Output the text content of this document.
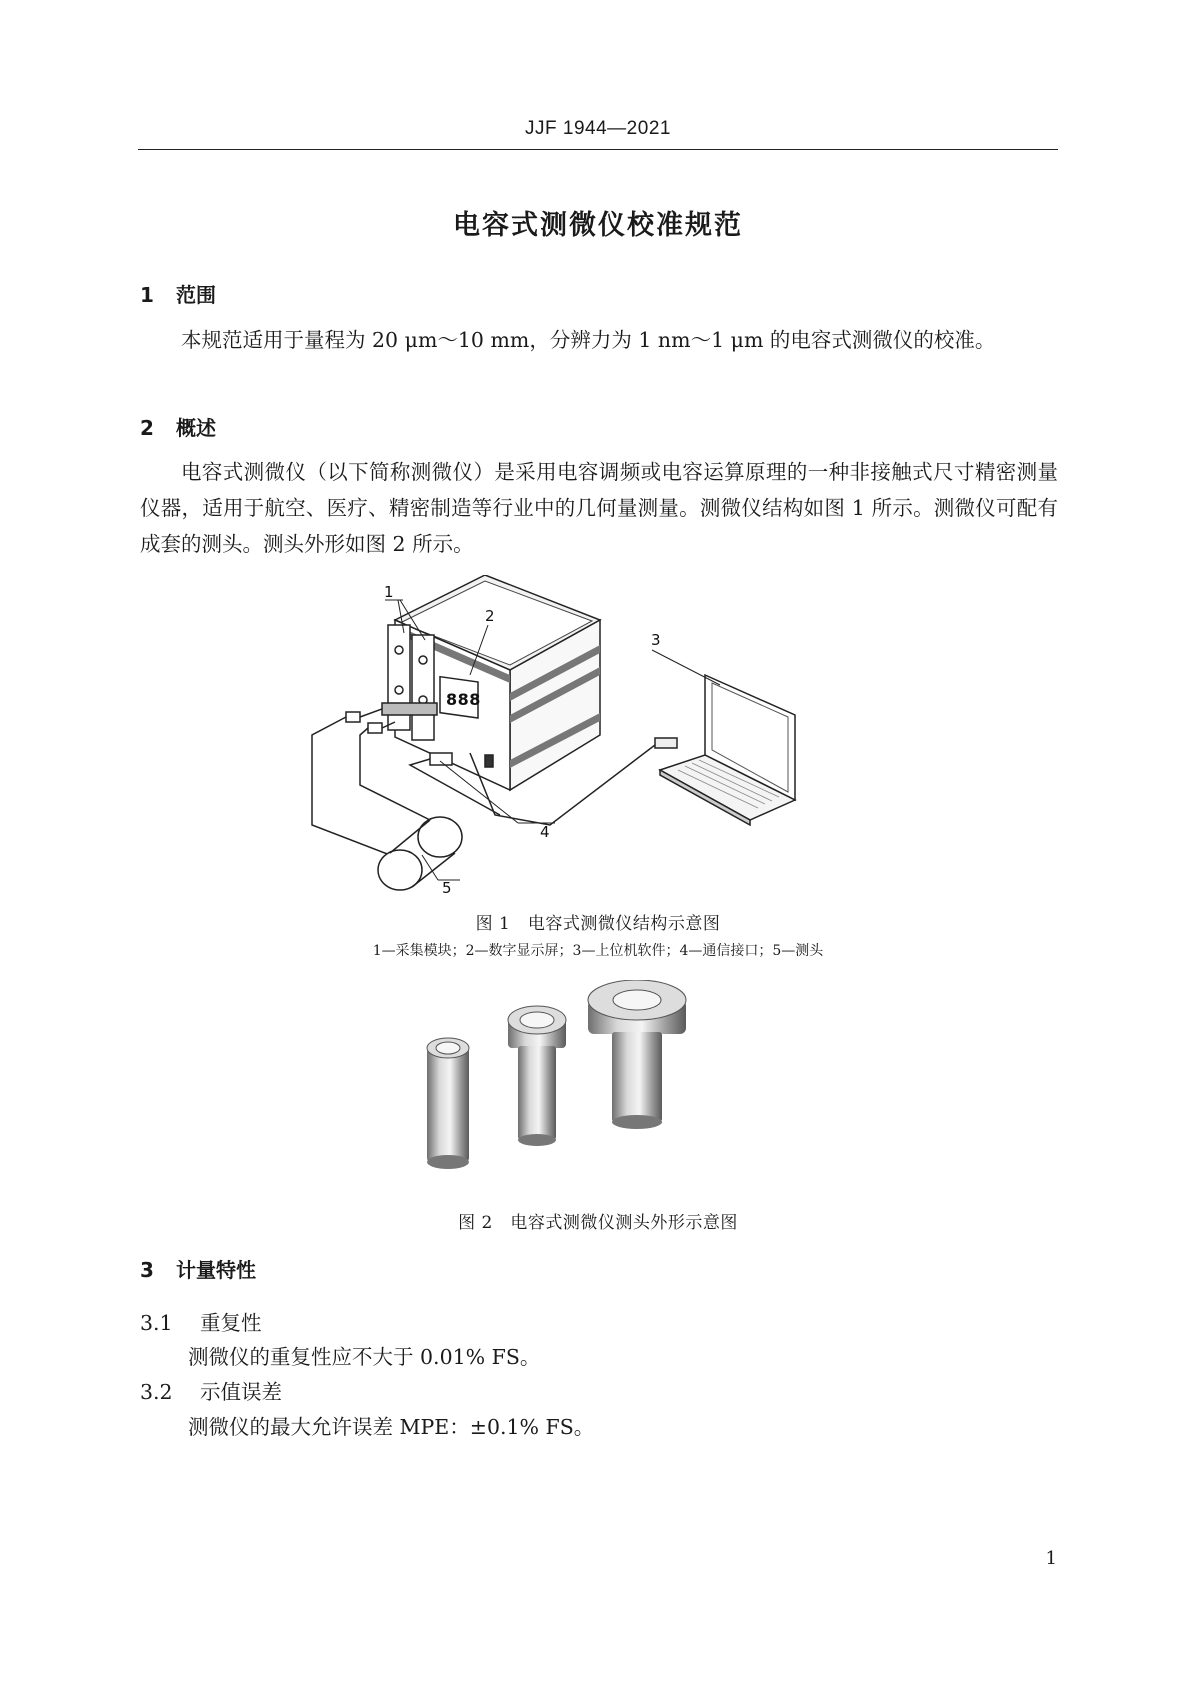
JJF 1944—2021
电容式测微仪校准规范
1 范围
本规范适用于量程为 20 μm～10 mm，分辨力为 1 nm～1 μm 的电容式测微仪的校准。
2 概述
电容式测微仪（以下简称测微仪）是采用电容调频或电容运算原理的一种非接触式尺寸精密测量仪器，适用于航空、医疗、精密制造等行业中的几何量测量。测微仪结构如图 1 所示。测微仪可配有成套的测头。测头外形如图 2 所示。
888
1
2
3
4
5
图 1　电容式测微仪结构示意图
1—采集模块；2—数字显示屏；3—上位机软件；4—通信接口；5—测头
图 2　电容式测微仪测头外形示意图
3 计量特性
3.1 重复性
测微仪的重复性应不大于 0.01% FS。
3.2 示值误差
测微仪的最大允许误差 MPE：±0.1% FS。
1
